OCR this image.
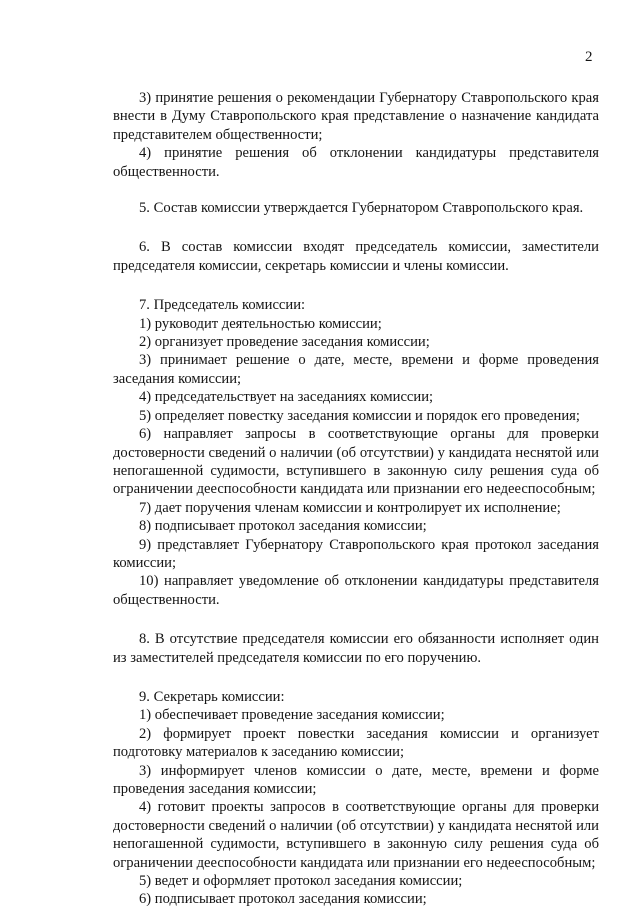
2

3) принятие решения о рекомендации Губернатору Ставропольского края внести в Думу Ставропольского края представление о назначение кандидата представителем общественности;

4) принятие решения об отклонении кандидатуры представителя общественности.

5. Состав комиссии утверждается Губернатором Ставропольского края.

6. В состав комиссии входят председатель комиссии, заместители председателя комиссии, секретарь комиссии и члены комиссии.

7. Председатель комиссии:

1) руководит деятельностью комиссии;

2) организует проведение заседания комиссии;

3) принимает решение о дате, месте, времени и форме проведения заседания комиссии;

4) председательствует на заседаниях комиссии;

5) определяет повестку заседания комиссии и порядок его проведения;

6) направляет запросы в соответствующие органы для проверки достоверности сведений о наличии (об отсутствии) у кандидата неснятой или непогашенной судимости, вступившего в законную силу решения суда об ограничении дееспособности кандидата или признании его недееспособным;

7) дает поручения членам комиссии и контролирует их исполнение;

8) подписывает протокол заседания комиссии;

9) представляет Губернатору Ставропольского края протокол заседания комиссии;

10) направляет уведомление об отклонении кандидатуры представителя общественности.

8. В отсутствие председателя комиссии его обязанности исполняет один из заместителей председателя комиссии по его поручению.

9. Секретарь комиссии:

1) обеспечивает проведение заседания комиссии;

2) формирует проект повестки заседания комиссии и организует подготовку материалов к заседанию комиссии;

3) информирует членов комиссии о дате, месте, времени и форме проведения заседания комиссии;

4) готовит проекты запросов в соответствующие органы для проверки достоверности сведений о наличии (об отсутствии) у кандидата неснятой или непогашенной судимости, вступившего в законную силу решения суда об ограничении дееспособности кандидата или признании его недееспособным;

5) ведет и оформляет протокол заседания комиссии;

6) подписывает протокол заседания комиссии;
